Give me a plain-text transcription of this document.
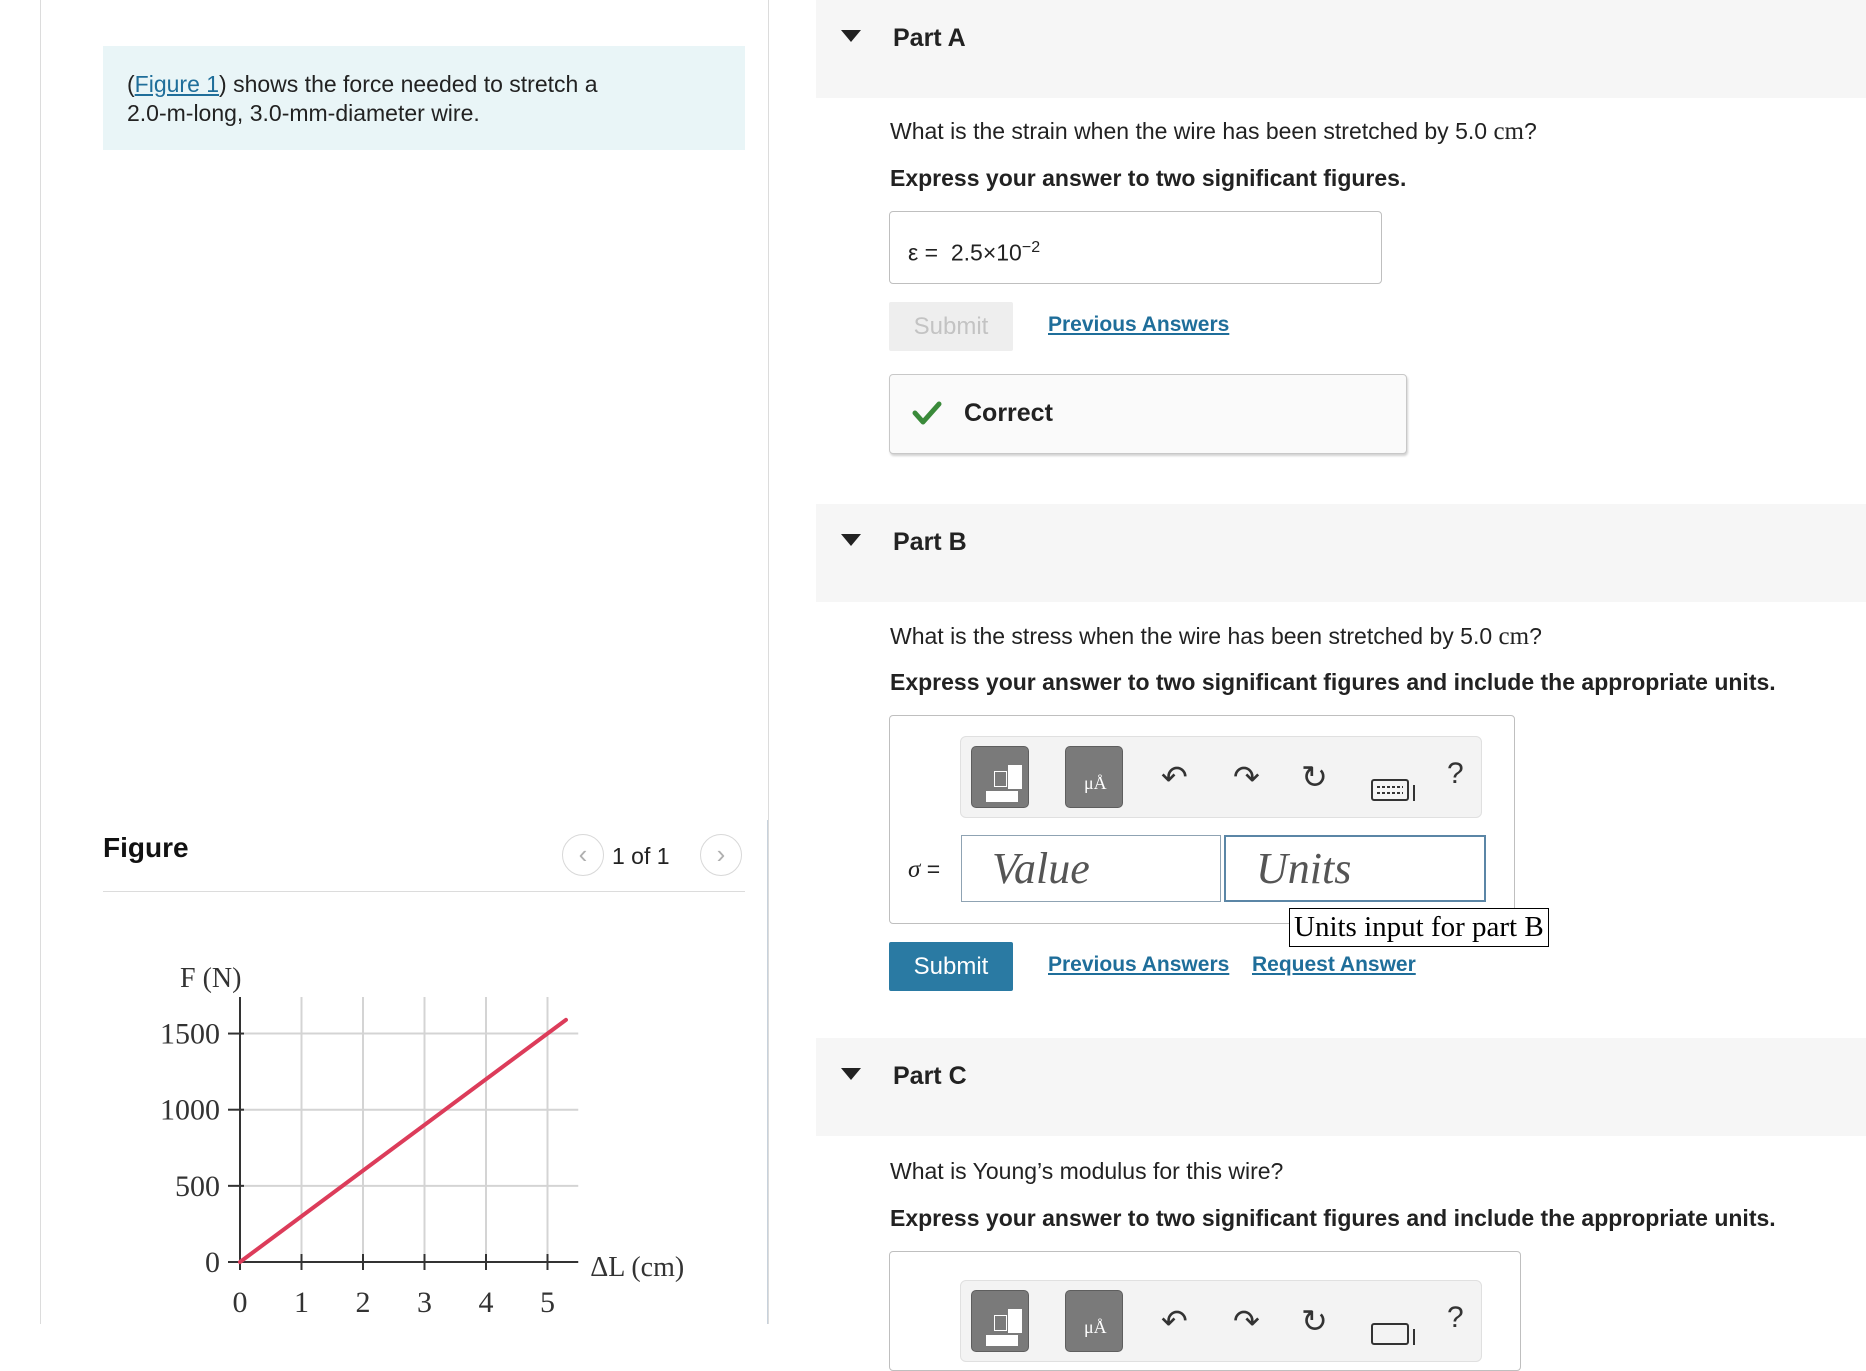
(Figure 1) shows the force needed to stretch a
2.0-m-long, 3.0-mm-diameter wire.
Figure	‹	1 of 1	›
0 1 2 3 4 5
0
500
1000
1500
F (N)
ΔL (cm)
Part A
What is the strain when the wire has been stretched by 5.0 cm?
Express your answer to two significant figures.
$\varepsilon = 2.5\times 10^{-2}$
Submit	Previous Answers
Correct
Part B
What is the stress when the wire has been stretched by 5.0 cm?
Express your answer to two significant figures and include the appropriate units.
μÅ ↶ ↷ ↻	?
σ =
Value
Units
Units input for part B
Submit	Previous Answers Request Answer
Part C
What is Young’s modulus for this wire?
Express your answer to two significant figures and include the appropriate units.
μÅ ↶ ↷ ↻	?
